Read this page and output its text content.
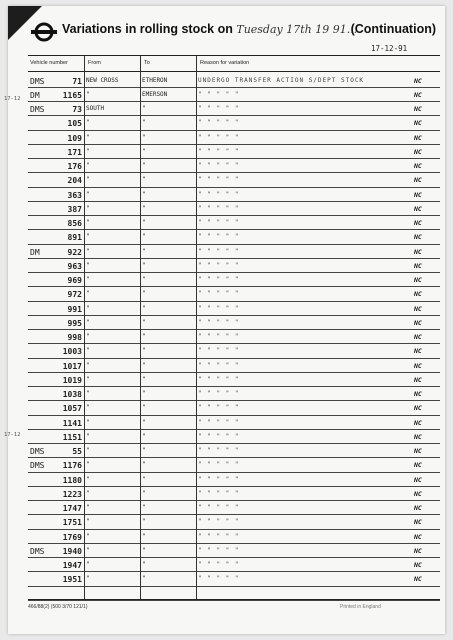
Variations in rolling stock on Tuesday 17th 19 91....
(Continuation)
17-12-91
Vehicle number	From	To	Reason for variation
DMS	71 NEW CROSS	ETHERON	UNDERGO TRANSFER ACTION S/DEPT STOCK	NC
DM	1165 "	EMERSON	" " " " "	NC
DMS	73 SOUTH	"	" " " " "	NC
105 "	"	" " " " "	NC
109 "	"	" " " " "	NC
171 "	"	" " " " "	NC
176 "	"	" " " " "	NC
204 "	"	" " " " "	NC
363 "	"	" " " " "	NC
387 "	"	" " " " "	NC
856 "	"	" " " " "	NC
891 "	"	" " " " "	NC
DM	922 "	"	" " " " "	NC
963 "	"	" " " " "	NC
969 "	"	" " " " "	NC
972 "	"	" " " " "	NC
991 "	"	" " " " "	NC
995 "	"	" " " " "	NC
998 "	"	" " " " "	NC
1003 "	"	" " " " "	NC
1017 "	"	" " " " "	NC
1019 "	"	" " " " "	NC
1038 "	"	" " " " "	NC
1057 "	"	" " " " "	NC
1141 "	"	" " " " "	NC
1151 "	"	" " " " "	NC
DMS	55 "	"	" " " " "	NC
DMS 1176 "	"	" " " " "	NC
1180 "	"	" " " " "	NC
1223 "	"	" " " " "	NC
1747 "	"	" " " " "	NC
1751 "	"	" " " " "	NC
1769 "	"	" " " " "	NC
DMS 1940 "	"	" " " " "	NC
1947 "	"	" " " " "	NC
1951 "	"	" " " " "	NC
17-12
17-12
466/88(2) (500 3/70 121/1)	Printed in England
